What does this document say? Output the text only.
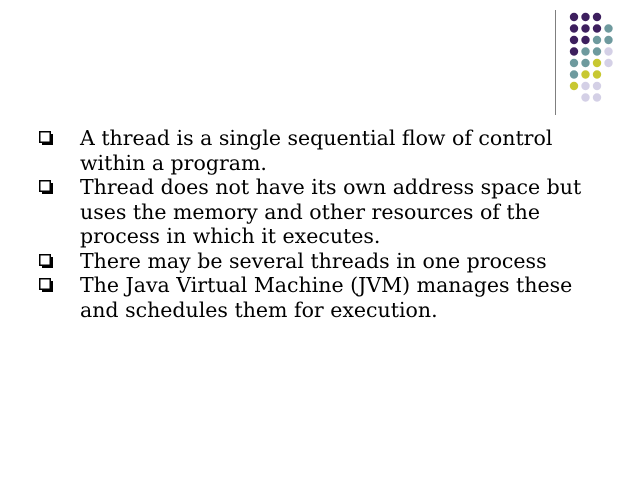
A thread is a single sequential flow of control within a program.
Thread does not have its own address space but uses the memory and other resources of the process in which it executes.
There may be several threads in one process
The Java Virtual Machine (JVM) manages these and schedules them for execution.
